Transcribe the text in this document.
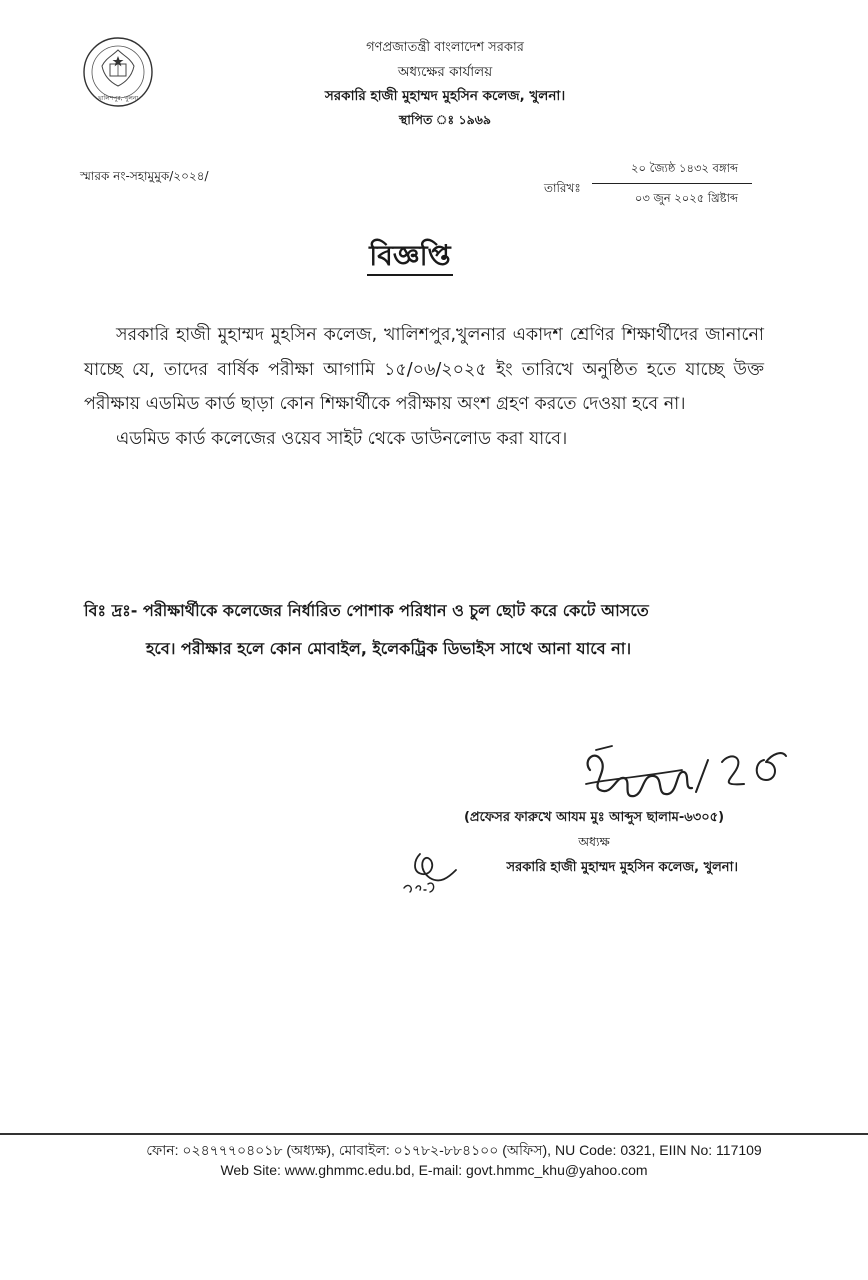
খালিশপুর, খুলনা
গণপ্রজাতন্ত্রী বাংলাদেশ সরকার
অধ্যক্ষের কার্যালয়
সরকারি হাজী মুহাম্মদ মুহসিন কলেজ, খুলনা।
স্থাপিত ঃ ১৯৬৯
স্মারক নং-সহামুমুক/২০২৪/
তারিখঃ
২০ জ্যৈষ্ঠ ১৪৩২ বঙ্গাব্দ
০৩ জুন ২০২৫ খ্রিষ্টাব্দ
বিজ্ঞপ্তি

সরকারি হাজী মুহাম্মদ মুহসিন কলেজ, খালিশপুর,খুলনার একাদশ শ্রেণির শিক্ষার্থীদের জানানো যাচ্ছে যে, তাদের বার্ষিক পরীক্ষা আগামি ১৫/০৬/২০২৫ ইং তারিখে অনুষ্ঠিত হতে যাচ্ছে উক্ত পরীক্ষায় এডমিড কার্ড ছাড়া কোন শিক্ষার্থীকে পরীক্ষায় অংশ গ্রহণ করতে দেওয়া হবে না।

এডমিড কার্ড কলেজের ওয়েব সাইট থেকে ডাউনলোড করা যাবে।

বিঃ দ্রঃ- পরীক্ষার্থীকে কলেজের নির্ধারিত পোশাক পরিধান ও চুল ছোট করে কেটে আসতে
হবে। পরীক্ষার হলে কোন মোবাইল, ইলেকট্রিক ডিভাইস সাথে আনা যাবে না।
(প্রফেসর ফারুখে আযম মুঃ আব্দুস ছালাম-৬৩০৫)
অধ্যক্ষ
সরকারি হাজী মুহাম্মদ মুহসিন কলেজ, খুলনা।
ফোন: ০২৪৭৭৭০৪০১৮ (অধ্যক্ষ), মোবাইল: ০১৭৮২-৮৮৪১০০ (অফিস), NU Code: 0321, EIIN No: 117109
Web Site: www.ghmmc.edu.bd, E-mail: govt.hmmc_khu@yahoo.com
